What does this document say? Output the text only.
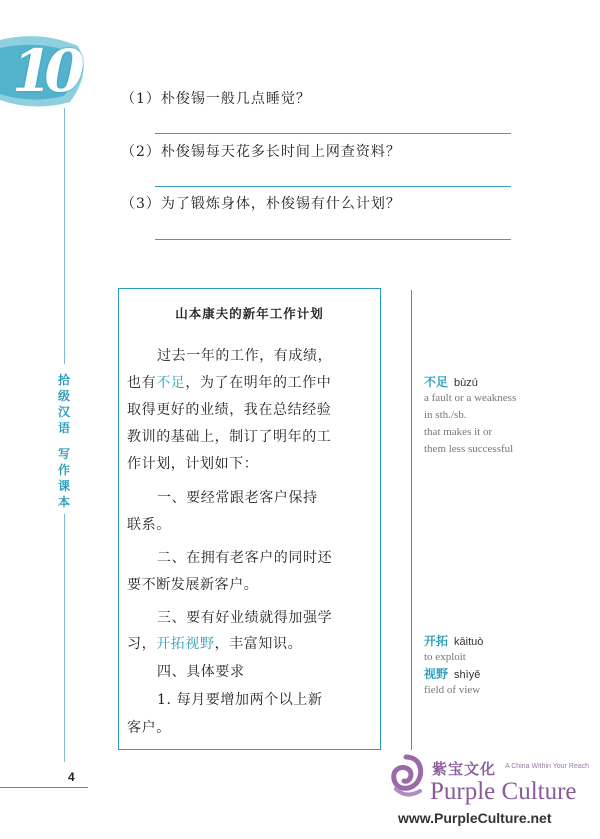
10
拾
级
汉
语
写
作
课
本
（1）朴俊锡一般几点睡觉？
（2）朴俊锡每天花多长时间上网查资料？
（3）为了锻炼身体，朴俊锡有什么计划？
山本康夫的新年工作计划
过去一年的工作，有成绩，
也有不足，为了在明年的工作中
取得更好的业绩，我在总结经验
教训的基础上，制订了明年的工
作计划，计划如下：
一、要经常跟老客户保持
联系。
二、在拥有老客户的同时还
要不断发展新客户。
三、要有好业绩就得加强学
习，开拓视野，丰富知识。
四、具体要求
1. 每月要增加两个以上新
客户。
不足 bùzú
a fault or a weakness
in sth./sb.
that makes it or
them less successful
开拓 kāituò
to exploit
视野 shìyě
field of view
4	紫宝文化 A China Within Your Reach
Purple Culture
www.PurpleCulture.net
